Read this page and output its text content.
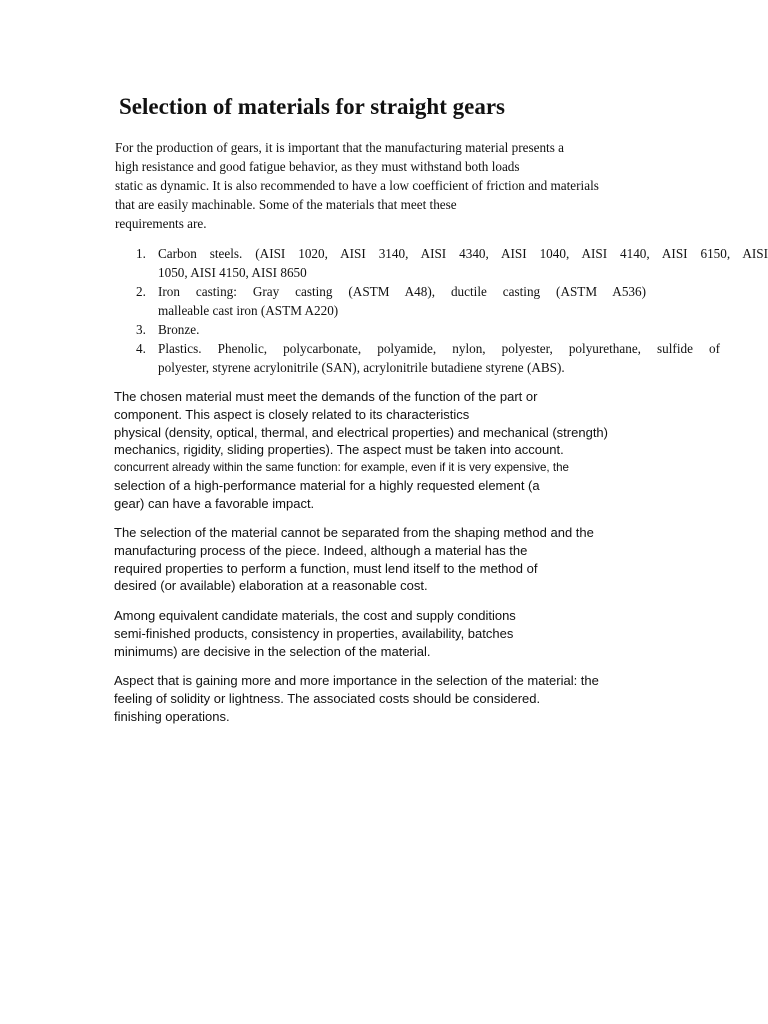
Selection of materials for straight gears
For the production of gears, it is important that the manufacturing material presents a
high resistance and good fatigue behavior, as they must withstand both loads
static as dynamic. It is also recommended to have a low coefficient of friction and materials
that are easily machinable. Some of the materials that meet these
requirements are.
1. Carbon steels. (AISI 1020, AISI 3140, AISI 4340, AISI 1040, AISI 4140, AISI 6150, AISI
1050, AISI 4150, AISI 8650
2. Iron casting: Gray casting (ASTM A48), ductile casting (ASTM A536)
malleable cast iron (ASTM A220)
3. Bronze.
4. Plastics. Phenolic, polycarbonate, polyamide, nylon, polyester, polyurethane, sulfide of
polyester, styrene acrylonitrile (SAN), acrylonitrile butadiene styrene (ABS).
The chosen material must meet the demands of the function of the part or
component. This aspect is closely related to its characteristics
physical (density, optical, thermal, and electrical properties) and mechanical (strength)
mechanics, rigidity, sliding properties). The aspect must be taken into account.
concurrent already within the same function: for example, even if it is very expensive, the
selection of a high-performance material for a highly requested element (a
gear) can have a favorable impact.
The selection of the material cannot be separated from the shaping method and the
manufacturing process of the piece. Indeed, although a material has the
required properties to perform a function, must lend itself to the method of
desired (or available) elaboration at a reasonable cost.
Among equivalent candidate materials, the cost and supply conditions
semi-finished products, consistency in properties, availability, batches
minimums) are decisive in the selection of the material.
Aspect that is gaining more and more importance in the selection of the material: the
feeling of solidity or lightness. The associated costs should be considered.
finishing operations.
